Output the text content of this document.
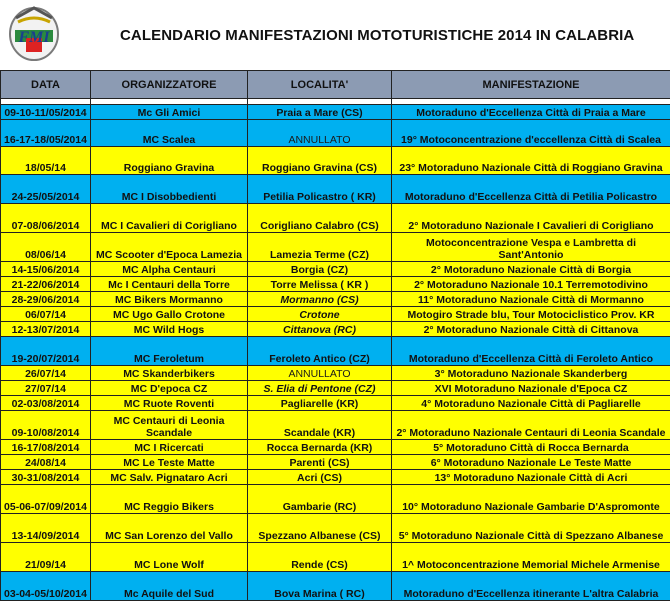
FMI	CALENDARIO MANIFESTAZIONI MOTOTURISTICHE 2014 IN CALABRIA
DATA	ORGANIZZATORE	LOCALITA'	MANIFESTAZIONE

09-10-11/05/2014	Mc Gli Amici	Praia a Mare (CS)	Motoraduno d'Eccellenza Città di Praia a Mare
16-17-18/05/2014	MC Scalea	ANNULLATO	19° Motoconcentrazione d'eccellenza Città di Scalea
18/05/14	Roggiano Gravina	Roggiano Gravina (CS)	23° Motoraduno Nazionale Città di Roggiano Gravina
24-25/05/2014	MC I Disobbedienti	Petilia Policastro ( KR)	Motoraduno d'Eccellenza Città di Petilia Policastro
07-08/06/2014	MC I Cavalieri di Corigliano	Corigliano Calabro (CS)	2° Motoraduno Nazionale I Cavalieri di Corigliano
08/06/14	MC Scooter d'Epoca Lamezia	Lamezia Terme (CZ)	Motoconcentrazione Vespa e Lambretta di Sant'Antonio
14-15/06/2014	MC Alpha Centauri	Borgia (CZ)	2° Motoraduno Nazionale Città di Borgia
21-22/06/2014	Mc I Centauri della Torre	Torre Melissa ( KR )	2° Motoraduno Nazionale 10.1 Terremotodivino
28-29/06/2014	MC Bikers Mormanno	Mormanno (CS)	11° Motoraduno Nazionale Città di Mormanno
06/07/14	MC Ugo Gallo Crotone	Crotone	Motogiro Strade blu, Tour Motociclistico Prov. KR
12-13/07/2014	MC Wild Hogs	Cittanova (RC)	2° Motoraduno Nazionale Città di Cittanova
19-20/07/2014	MC Feroletum	Feroleto Antico (CZ)	Motoraduno d'Eccellenza Città di Feroleto Antico
26/07/14	MC Skanderbikers	ANNULLATO	3° Motoraduno Nazionale Skanderberg
27/07/14	MC D'epoca CZ	S. Elia di Pentone (CZ)	XVI Motoraduno Nazionale d'Epoca CZ
02-03/08/2014	MC Ruote Roventi	Pagliarelle (KR)	4° Motoraduno Nazionale Città di Pagliarelle
09-10/08/2014	MC Centauri di Leonia Scandale	Scandale (KR)	2° Motoraduno Nazionale Centauri di Leonia Scandale
16-17/08/2014	MC I Ricercati	Rocca Bernarda (KR)	5° Motoraduno Città di Rocca Bernarda
24/08/14	MC Le Teste Matte	Parenti (CS)	6° Motoraduno Nazionale Le Teste Matte
30-31/08/2014	MC Salv. Pignataro Acri	Acri (CS)	13° Motoraduno Nazionale Città di Acri
05-06-07/09/2014	MC Reggio Bikers	Gambarie (RC)	10° Motoraduno Nazionale Gambarie D'Aspromonte
13-14/09/2014	MC San Lorenzo del Vallo	Spezzano Albanese (CS)	5° Motoraduno Nazionale Città di Spezzano Albanese
21/09/14	MC Lone Wolf	Rende (CS)	1^ Motoconcentrazione Memorial Michele Armenise
03-04-05/10/2014	Mc Aquile del Sud	Bova Marina ( RC)	Motoraduno d'Eccellenza itinerante L'altra Calabria
